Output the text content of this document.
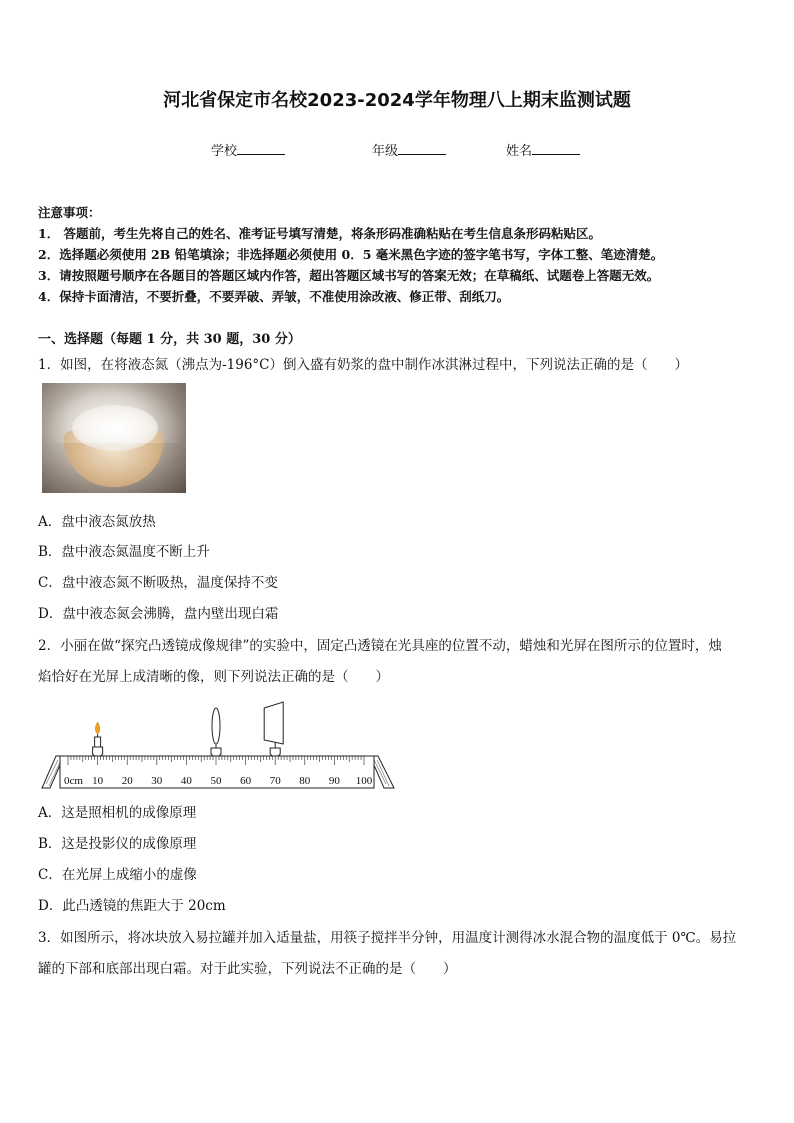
河北省保定市名校2023-2024学年物理八上期末监测试题
学校	年级	姓名
注意事项：
1． 答题前，考生先将自己的姓名、准考证号填写清楚，将条形码准确粘贴在考生信息条形码粘贴区。
2．选择题必须使用 2B 铅笔填涂；非选择题必须使用 0．5 毫米黑色字迹的签字笔书写，字体工整、笔迹清楚。
3．请按照题号顺序在各题目的答题区域内作答，超出答题区域书写的答案无效；在草稿纸、试题卷上答题无效。
4．保持卡面清洁，不要折叠，不要弄破、弄皱，不准使用涂改液、修正带、刮纸刀。
一、选择题（每题 1 分，共 30 题，30 分）
1．如图，在将液态氮（沸点为-196°C）倒入盛有奶浆的盘中制作冰淇淋过程中，下列说法正确的是（　　）
A．盘中液态氮放热
B．盘中液态氮温度不断上升
C．盘中液态氮不断吸热，温度保持不变
D．盘中液态氮会沸腾，盘内壁出现白霜
2．小丽在做“探究凸透镜成像规律”的实验中，固定凸透镜在光具座的位置不动，蜡烛和光屏在图所示的位置时，烛
焰恰好在光屏上成清晰的像，则下列说法正确的是（　　）
0cm 10 20 30 40 50 60 70 80 90 100
A．这是照相机的成像原理
B．这是投影仪的成像原理
C．在光屏上成缩小的虚像
D．此凸透镜的焦距大于 20cm
3．如图所示，将冰块放入易拉罐并加入适量盐，用筷子搅拌半分钟，用温度计测得冰水混合物的温度低于 0℃。易拉
罐的下部和底部出现白霜。对于此实验，下列说法不正确的是（　　）
